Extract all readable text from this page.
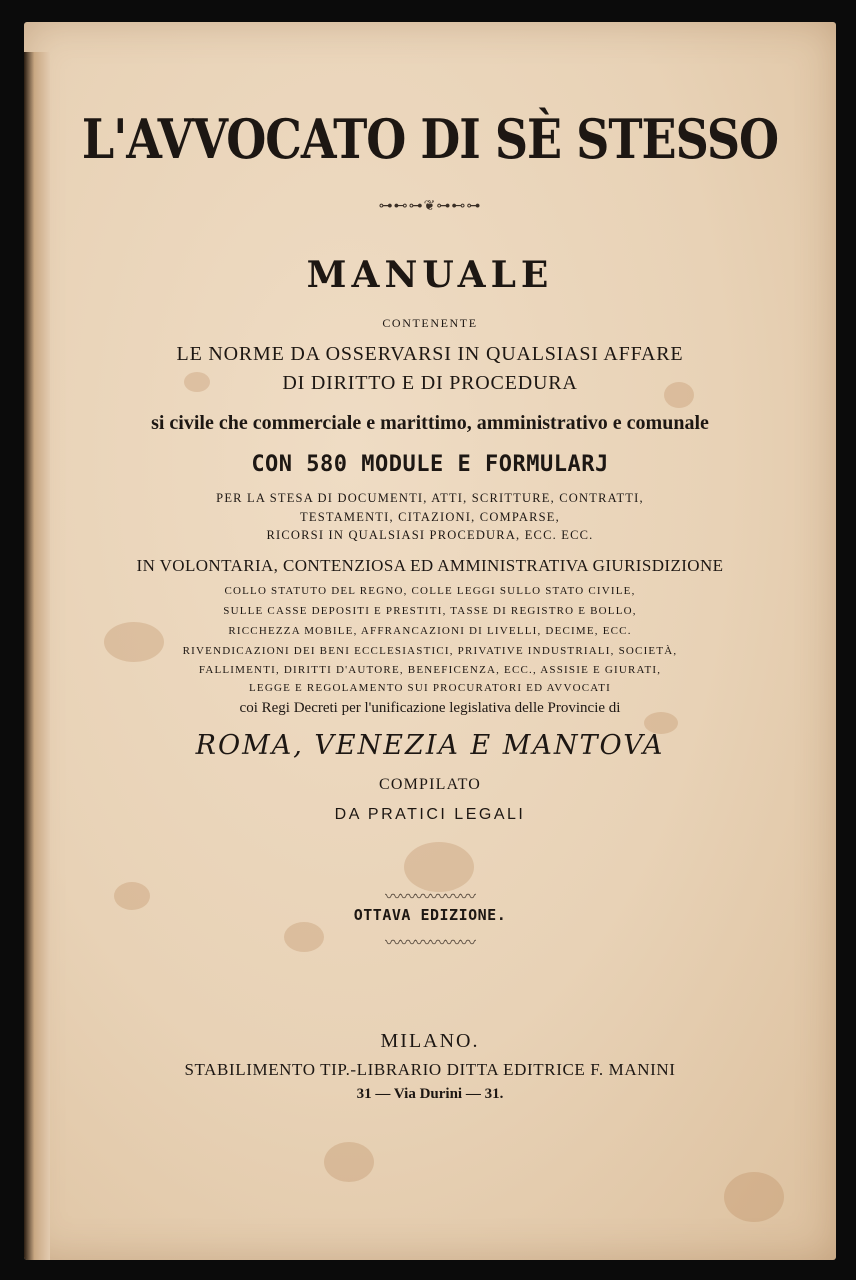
L'AVVOCATO DI SÈ STESSO
⊶⊷⊶❦⊶⊷⊶
MANUALE
CONTENENTE
LE NORME DA OSSERVARSI IN QUALSIASI AFFARE
DI DIRITTO E DI PROCEDURA
si civile che commerciale e marittimo, amministrativo e comunale
CON 580 MODULE E FORMULARJ
PER LA STESA DI DOCUMENTI, ATTI, SCRITTURE, CONTRATTI,
TESTAMENTI, CITAZIONI, COMPARSE,
RICORSI IN QUALSIASI PROCEDURA, ECC. ECC.
IN VOLONTARIA, CONTENZIOSA ED AMMINISTRATIVA GIURISDIZIONE
COLLO STATUTO DEL REGNO, COLLE LEGGI SULLO STATO CIVILE,
SULLE CASSE DEPOSITI E PRESTITI, TASSE DI REGISTRO E BOLLO,
RICCHEZZA MOBILE, AFFRANCAZIONI DI LIVELLI, DECIME, ECC.
RIVENDICAZIONI DEI BENI ECCLESIASTICI, PRIVATIVE INDUSTRIALI, SOCIETÀ,
FALLIMENTI, DIRITTI D'AUTORE, BENEFICENZA, ECC., ASSISIE E GIURATI,
LEGGE E REGOLAMENTO SUI PROCURATORI ED AVVOCATI
coi Regi Decreti per l'unificazione legislativa delle Provincie di
ROMA, VENEZIA E MANTOVA
COMPILATO
DA PRATICI LEGALI
〰〰〰〰〰〰
OTTAVA EDIZIONE.
〰〰〰〰〰〰
MILANO.
STABILIMENTO TIP.-LIBRARIO DITTA EDITRICE F. MANINI
31 — Via Durini — 31.
